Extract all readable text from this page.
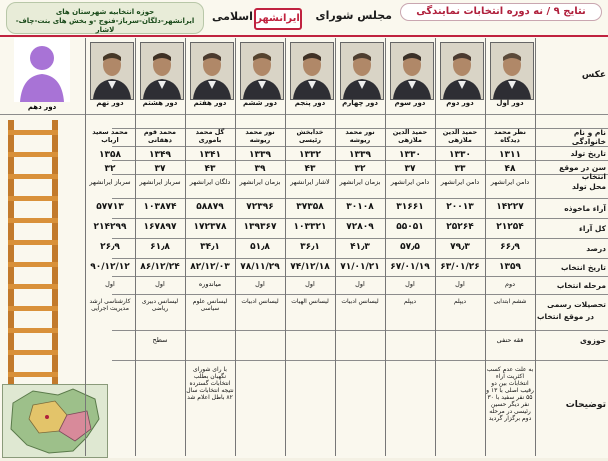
نتایج ۹ / نه دوره انتخابات نمایندگی
مجلس شورای
ایرانشهر
اسلامی
حوزه انتخابیه شهرستان های
ایرانشهر-دلگان-سرباز-فنوج -و بخش های بنت-چاف-لاشار
دور دهم
عکس
نام و نام خانوادگی
تاریخ تولد
سن در موقع انتخاب
محل تولد
آراء ماخوذه
کل آراء
درصد
تاریخ انتخاب
مرحله انتخاب
تحصیلات رسمی
در موقع انتخاب
حوزوی
توضیحات
دور اول
نظر محمد دیدگاه
۱۳۱۱
۴۸
دامن ایرانشهر
۱۴۲۲۷
۲۱۲۵۴
۶۶٫۹
۱۳۵۹
دوم
ششم ابتدایی
فقه حنفی
به علت عدم کسب اکثریت آراء انتخابات بین دو رقیب اصلی با ۱۳ و ۵۵ نفر سفید با ۳۰ نفر دیگر حسین رئیسی در مرحله دوم برگزار گردید
دور دوم
حمید الدین ملازهی
۱۳۳۰
۳۳
دامن ایرانشهر
۲۰۰۱۳
۲۵۲۶۴
۷۹٫۳
۶۳/۰۱/۲۶
اول
دیپلم
دور سوم
حمید الدین ملازهی
۱۳۳۰
۳۷
دامن ایرانشهر
۳۱۶۶۱
۵۵۰۵۱
۵۷٫۵
۶۷/۰۱/۱۹
اول
دیپلم
دور چهارم
نور محمد ریوشه
۱۳۳۹
۳۲
بزمان ایرانشهر
۳۰۱۰۸
۷۲۸۰۹
۴۱٫۳
۷۱/۰۱/۲۱
اول
لیسانس ادبیات
دور پنجم
خدابخش رئیسی
۱۳۳۲
۴۳
لاشار ایرانشهر
۳۷۳۵۸
۱۰۳۳۲۱
۳۶٫۱
۷۴/۱۲/۱۸
اول
لیسانس الهیات
دور ششم
نور محمد ریوشه
۱۳۳۹
۳۹
بزمان ایرانشهر
۷۲۳۹۶
۱۳۹۳۶۷
۵۱٫۸
۷۸/۱۱/۲۹
اول
لیسانس ادبیات
دور هفتم
گل محمد باموری
۱۳۴۱
۴۳
دلگان ایرانشهر
۵۸۸۷۹
۱۷۲۳۷۸
۳۴٫۱
۸۲/۱۲/۰۳
میاندوره
لیسانس علوم سیاسی
با رای شورای نگهبان بطلب انتخابات گسترده نتیجه انتخابات سال ۸۲ باطل اعلام شد
دور هشتم
محمد قوم دهقانی
۱۳۴۹
۳۷
سرباز ایرانشهر
۱۰۳۸۷۴
۱۶۷۸۹۷
۶۱٫۸
۸۶/۱۲/۲۴
اول
لیسانس دبیری ریاضی
سطح
دور نهم
محمد سعید ارباب
۱۳۵۸
۳۲
سرباز ایرانشهر
۵۷۷۱۳
۲۱۴۲۹۹
۲۶٫۹
۹۰/۱۲/۱۲
اول
کارشناسی ارشد مدیریت اجرایی
